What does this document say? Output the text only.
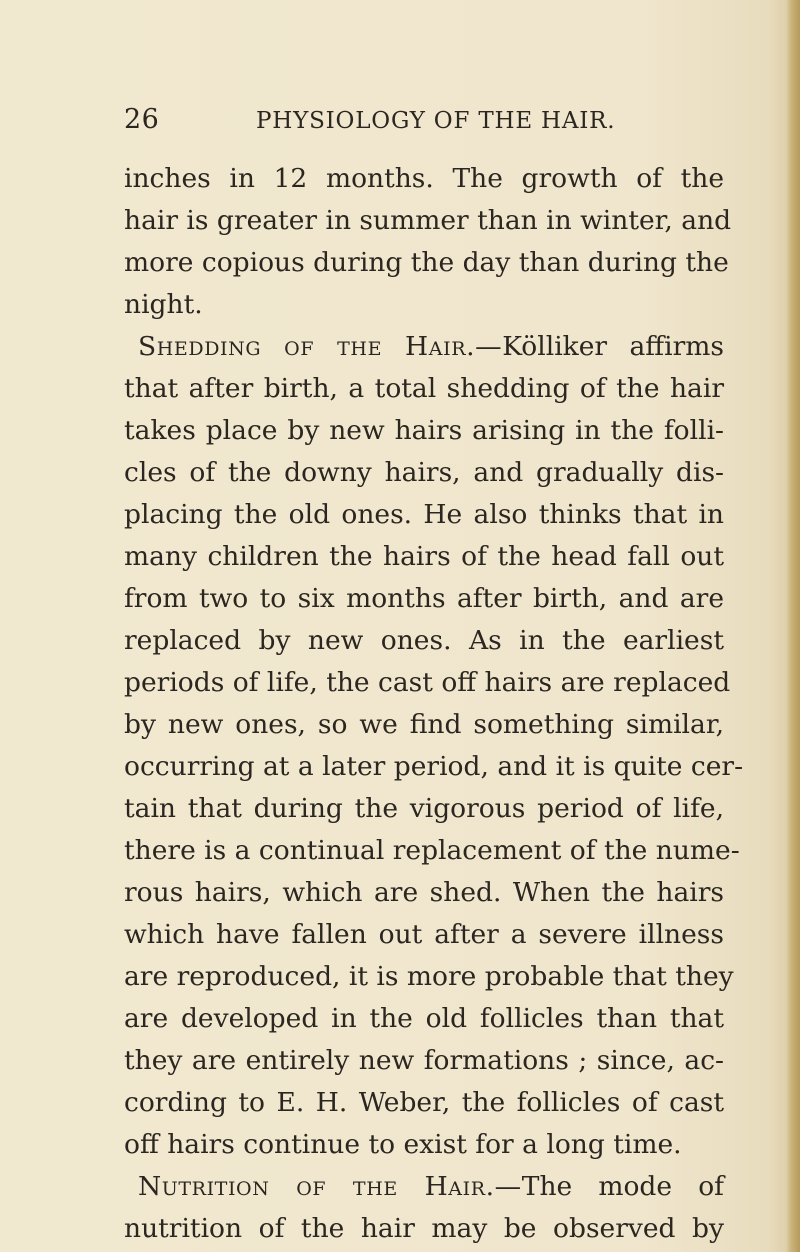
26	PHYSIOLOGY OF THE HAIR.
inches in 12 months. The growth of the
hair is greater in summer than in winter, and
more copious during the day than during the
night.
Shedding of the Hair.—Kölliker affirms
that after birth, a total shedding of the hair
takes place by new hairs arising in the folli-
cles of the downy hairs, and gradually dis-
placing the old ones. He also thinks that in
many children the hairs of the head fall out
from two to six months after birth, and are
replaced by new ones. As in the earliest
periods of life, the cast off hairs are replaced
by new ones, so we find something similar,
occurring at a later period, and it is quite cer-
tain that during the vigorous period of life,
there is a continual replacement of the nume-
rous hairs, which are shed. When the hairs
which have fallen out after a severe illness
are reproduced, it is more probable that they
are developed in the old follicles than that
they are entirely new formations ; since, ac-
cording to E. H. Weber, the follicles of cast
off hairs continue to exist for a long time.
Nutrition of the Hair.—The mode of
nutrition of the hair may be observed by
